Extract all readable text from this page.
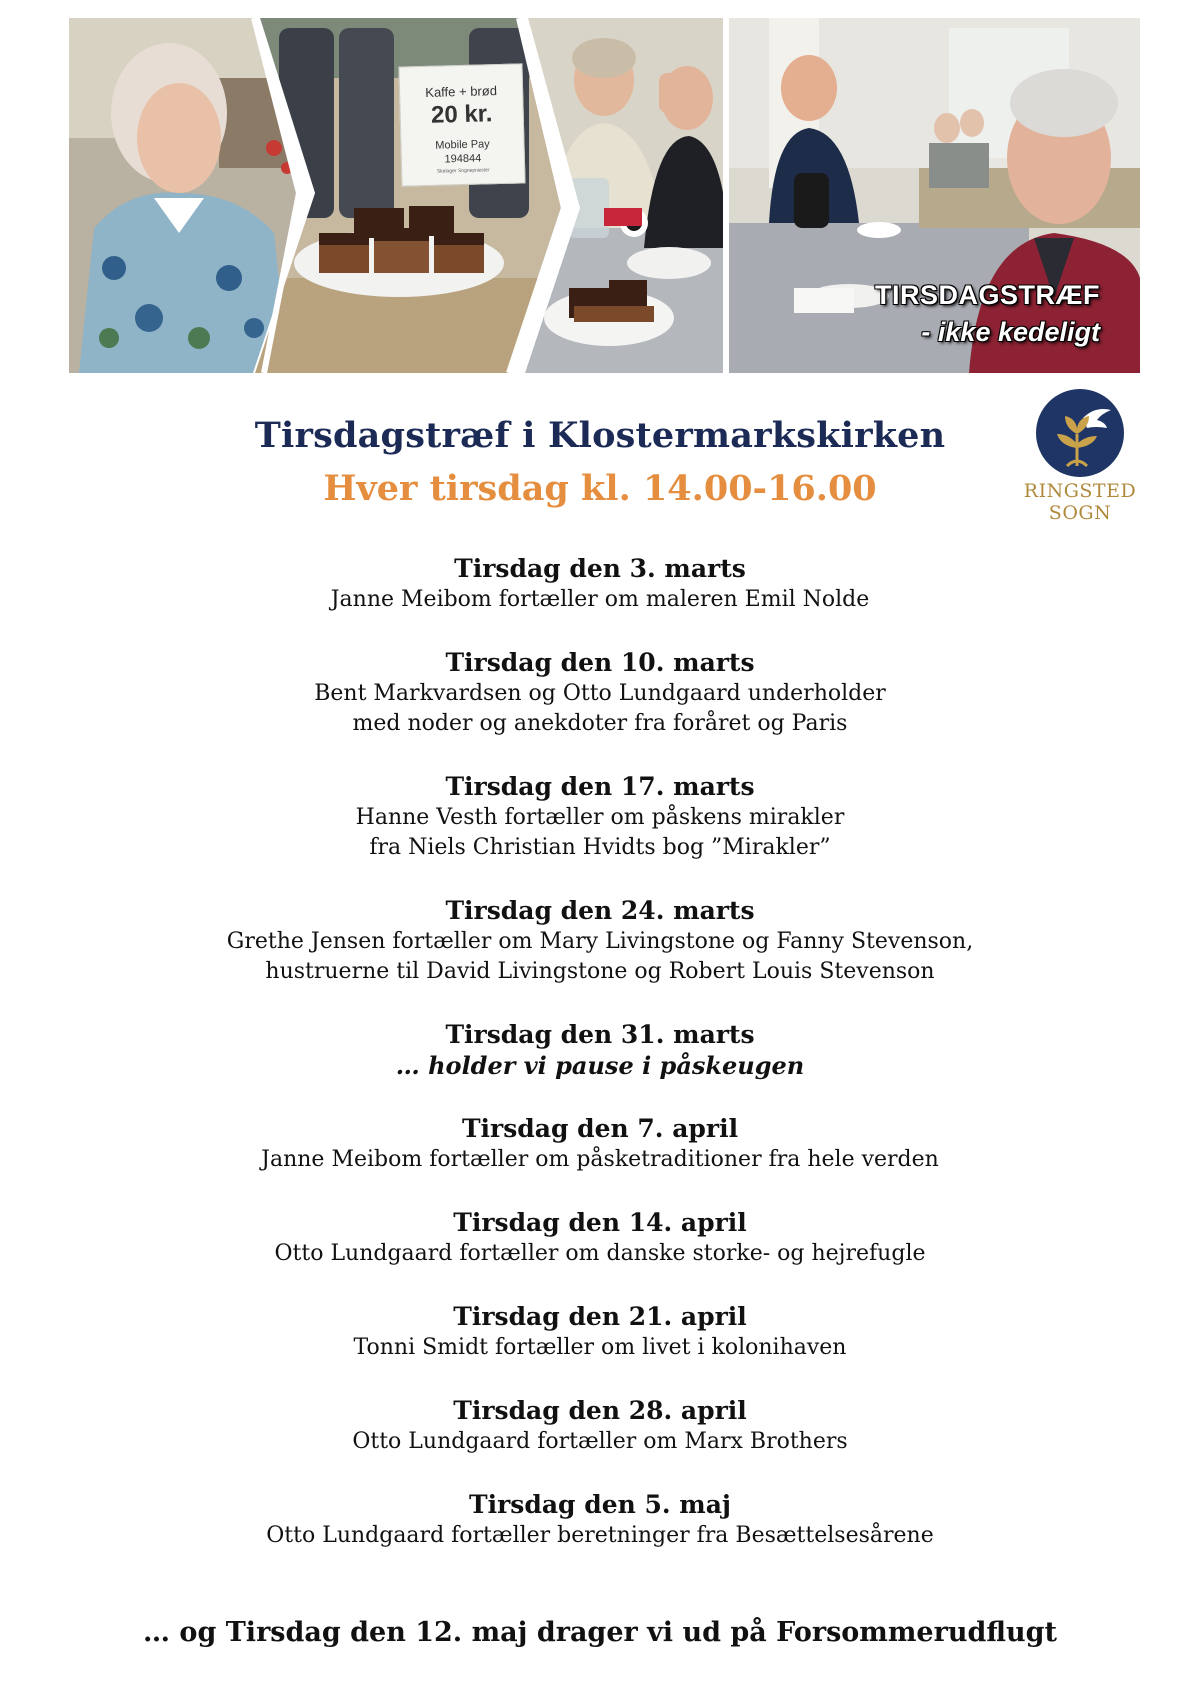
Kaffe + brød
20 kr.
Mobile Pay
194844
Skelager Sognepræster
TIRSDAGSTRÆF
- ikke kedeligt
Tirsdagstræf i Klostermarkskirken
Hver tirsdag kl. 14.00-16.00	RINGSTED
SOGN
Tirsdag den 3. marts
Janne Meibom fortæller om maleren Emil Nolde
Tirsdag den 10. marts
Bent Markvardsen og Otto Lundgaard underholder
med noder og anekdoter fra foråret og Paris
Tirsdag den 17. marts
Hanne Vesth fortæller om påskens mirakler
fra Niels Christian Hvidts bog ”Mirakler”
Tirsdag den 24. marts
Grethe Jensen fortæller om Mary Livingstone og Fanny Stevenson,
hustruerne til David Livingstone og Robert Louis Stevenson
Tirsdag den 31. marts
… holder vi pause i påskeugen
Tirsdag den 7. april
Janne Meibom fortæller om påsketraditioner fra hele verden
Tirsdag den 14. april
Otto Lundgaard fortæller om danske storke- og hejrefugle
Tirsdag den 21. april
Tonni Smidt fortæller om livet i kolonihaven
Tirsdag den 28. april
Otto Lundgaard fortæller om Marx Brothers
Tirsdag den 5. maj
Otto Lundgaard fortæller beretninger fra Besættelsesårene
… og Tirsdag den 12. maj drager vi ud på Forsommerudflugt
